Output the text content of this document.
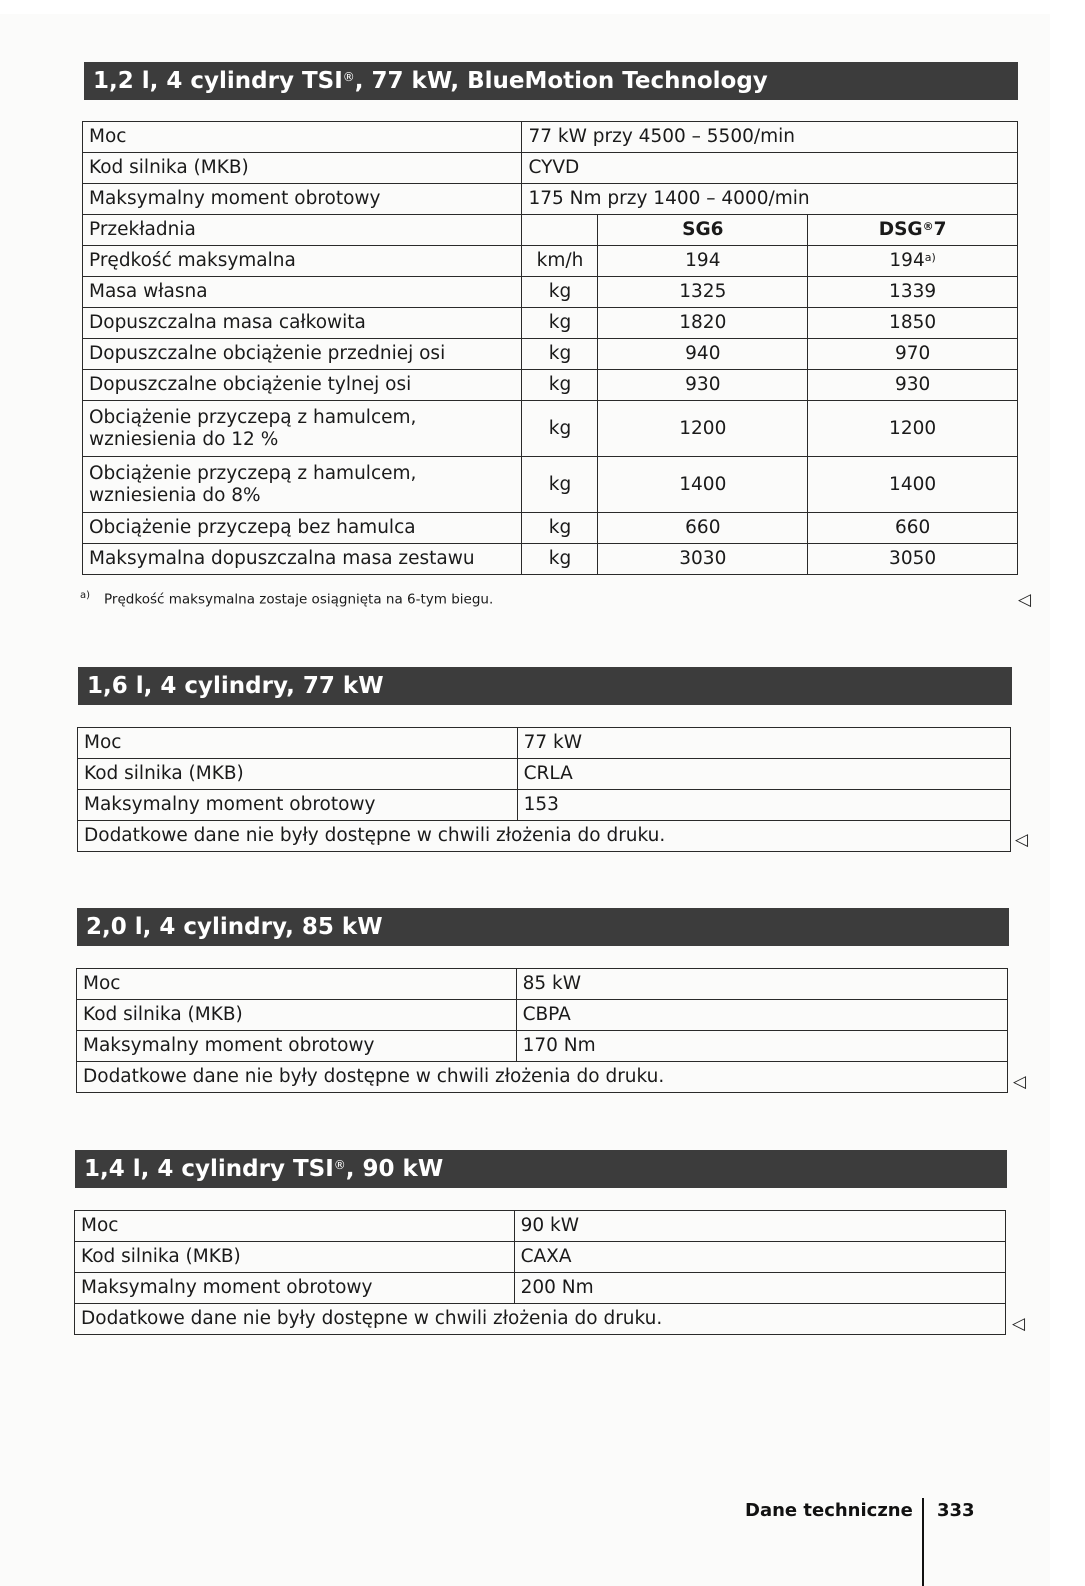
1,2 l, 4 cylindry TSI®, 77 kW, BlueMotion Technology
Moc	77 kW przy 4500 – 5500/min		
Kod silnika (MKB)	CYVD		
Maksymalny moment obrotowy	175 Nm przy 1400 – 4000/min		
Przekładnia		SG6	DSG®7
Prędkość maksymalna	km/h	194	194$^{a)}$
Masa własna	kg	1325	1339
Dopuszczalna masa całkowita	kg	1820	1850
Dopuszczalne obciążenie przedniej osi	kg	940	970
Dopuszczalne obciążenie tylnej osi	kg	930	930
Obciążenie przyczepą z hamulcem, wzniesienia do 12 %	kg	1200	1200
Obciążenie przyczepą z hamulcem, wzniesienia do 8%	kg	1400	1400
Obciążenie przyczepą bez hamulca	kg	660	660
Maksymalna dopuszczalna masa zestawu	kg	3030	3050
$^{a)}$ Prędkość maksymalna zostaje osiągnięta na 6-tym biegu.	◁
1,6 l, 4 cylindry, 77 kW
Moc	77 kW
Kod silnika (MKB)	CRLA
Maksymalny moment obrotowy	153
Dodatkowe dane nie były dostępne w chwili złożenia do druku.		◁
2,0 l, 4 cylindry, 85 kW
Moc	85 kW
Kod silnika (MKB)	CBPA
Maksymalny moment obrotowy	170 Nm
Dodatkowe dane nie były dostępne w chwili złożenia do druku.		◁
1,4 l, 4 cylindry TSI®, 90 kW
Moc	90 kW
Kod silnika (MKB)	CAXA
Maksymalny moment obrotowy	200 Nm
Dodatkowe dane nie były dostępne w chwili złożenia do druku.		◁
Dane techniczne 333
